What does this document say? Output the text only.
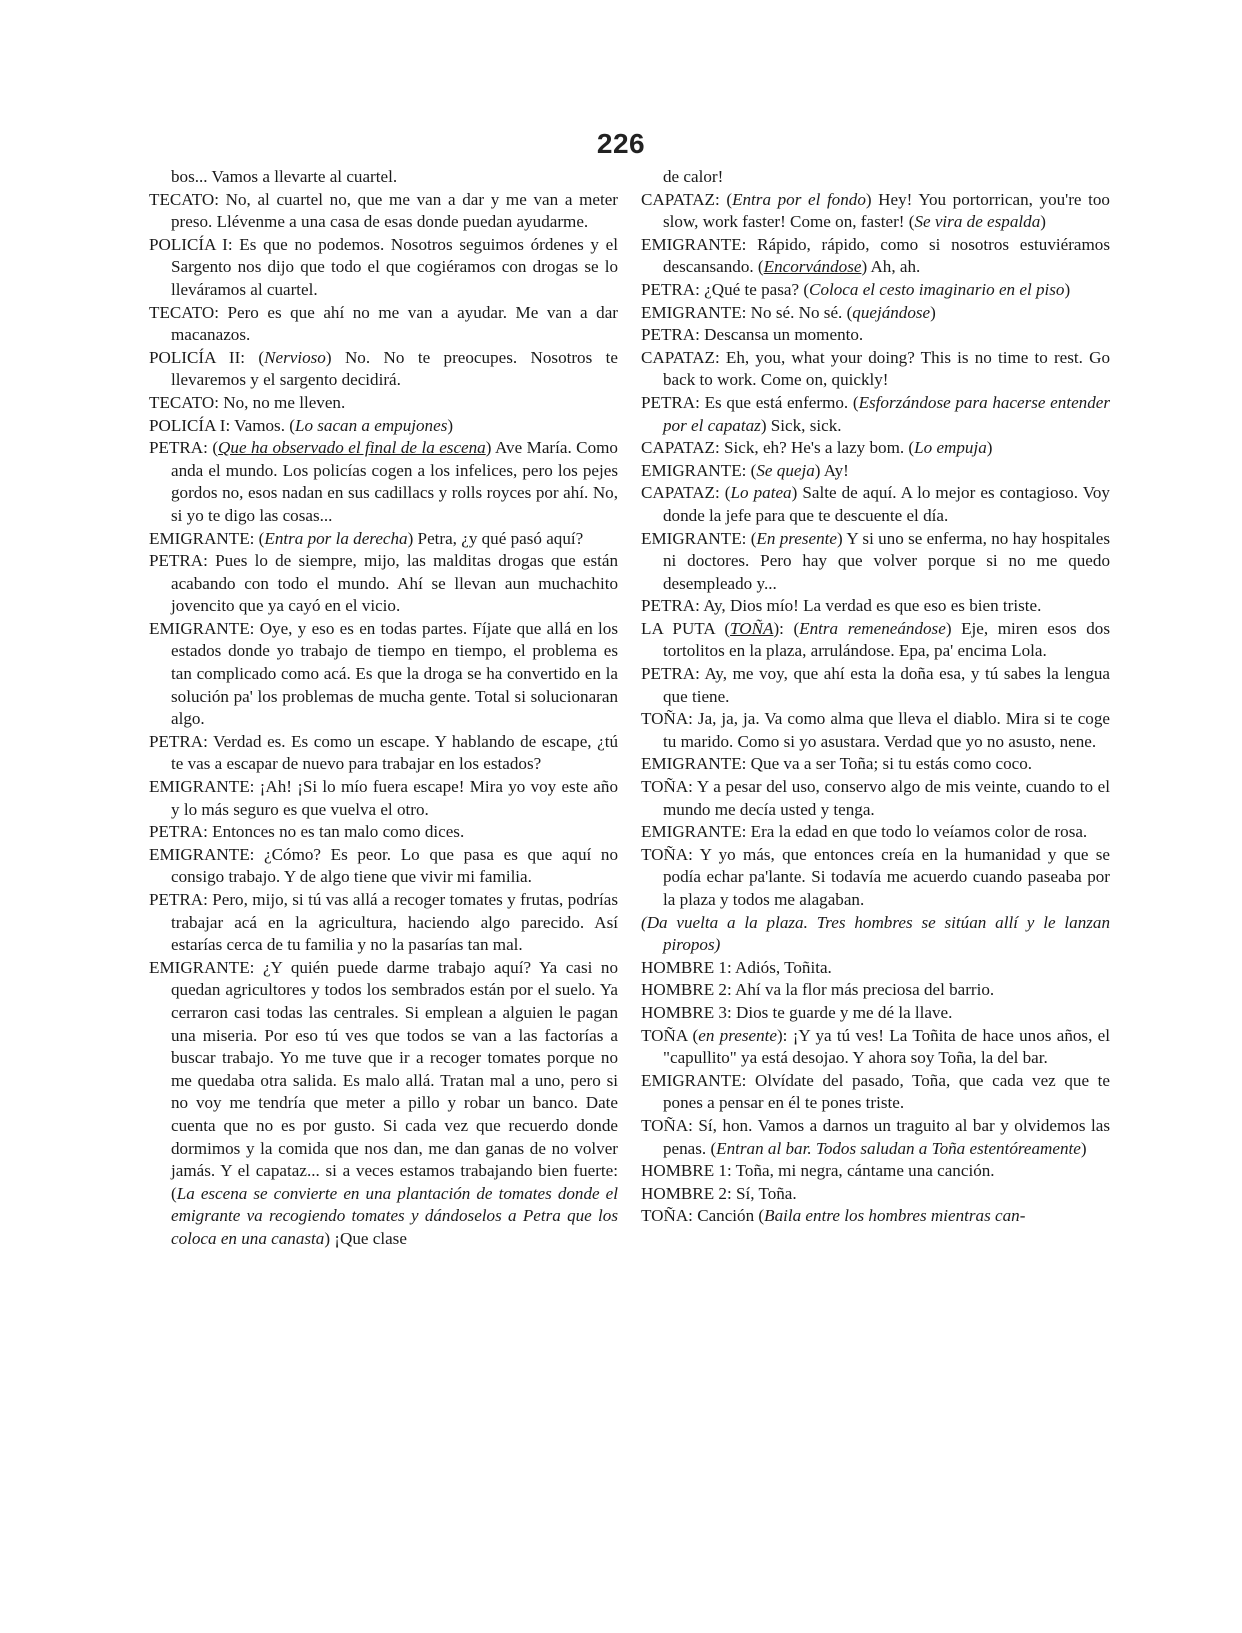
226

bos... Vamos a llevarte al cuartel.

TECATO: No, al cuartel no, que me van a dar y me van a meter preso. Llévenme a una casa de esas donde puedan ayudarme.

POLICÍA I: Es que no podemos. Nosotros seguimos órdenes y el Sargento nos dijo que todo el que cogiéramos con drogas se lo lleváramos al cuartel.

TECATO: Pero es que ahí no me van a ayudar. Me van a dar macanazos.

POLICÍA II: (Nervioso) No. No te preocupes. Nosotros te llevaremos y el sargento decidirá.

TECATO: No, no me lleven.

POLICÍA I: Vamos. (Lo sacan a empujones)

PETRA: (Que ha observado el final de la escena) Ave María. Como anda el mundo. Los policías cogen a los infelices, pero los pejes gordos no, esos nadan en sus cadillacs y rolls royces por ahí. No, si yo te digo las cosas...

EMIGRANTE: (Entra por la derecha) Petra, ¿y qué pasó aquí?

PETRA: Pues lo de siempre, mijo, las malditas drogas que están acabando con todo el mundo. Ahí se llevan aun muchachito jovencito que ya cayó en el vicio.

EMIGRANTE: Oye, y eso es en todas partes. Fíjate que allá en los estados donde yo trabajo de tiempo en tiempo, el problema es tan complicado como acá. Es que la droga se ha convertido en la solución pa' los problemas de mucha gente. Total si solucionaran algo.

PETRA: Verdad es. Es como un escape. Y hablando de escape, ¿tú te vas a escapar de nuevo para trabajar en los estados?

EMIGRANTE: ¡Ah! ¡Si lo mío fuera escape! Mira yo voy este año y lo más seguro es que vuelva el otro.

PETRA: Entonces no es tan malo como dices.

EMIGRANTE: ¿Cómo? Es peor. Lo que pasa es que aquí no consigo trabajo. Y de algo tiene que vivir mi familia.

PETRA: Pero, mijo, si tú vas allá a recoger tomates y frutas, podrías trabajar acá en la agricultura, haciendo algo parecido. Así estarías cerca de tu familia y no la pasarías tan mal.

EMIGRANTE: ¿Y quién puede darme trabajo aquí? Ya casi no quedan agricultores y todos los sembrados están por el suelo. Ya cerraron casi todas las centrales. Si emplean a alguien le pagan una miseria. Por eso tú ves que todos se van a las factorías a buscar trabajo. Yo me tuve que ir a recoger tomates porque no me quedaba otra salida. Es malo allá. Tratan mal a uno, pero si no voy me tendría que meter a pillo y robar un banco. Date cuenta que no es por gusto. Si cada vez que recuerdo donde dormimos y la comida que nos dan, me dan ganas de no volver jamás. Y el capataz... si a veces estamos trabajando bien fuerte: (La escena se convierte en una plantación de tomates donde el emigrante va recogiendo tomates y dándoselos a Petra que los coloca en una canasta) ¡Que clase

de calor!

CAPATAZ: (Entra por el fondo) Hey! You portorrican, you're too slow, work faster! Come on, faster! (Se vira de espalda)

EMIGRANTE: Rápido, rápido, como si nosotros estuviéramos descansando. (Encorvándose) Ah, ah.

PETRA: ¿Qué te pasa? (Coloca el cesto imaginario en el piso)

EMIGRANTE: No sé. No sé. (quejándose)

PETRA: Descansa un momento.

CAPATAZ: Eh, you, what your doing? This is no time to rest. Go back to work. Come on, quickly!

PETRA: Es que está enfermo. (Esforzándose para hacerse entender por el capataz) Sick, sick.

CAPATAZ: Sick, eh? He's a lazy bom. (Lo empuja)

EMIGRANTE: (Se queja) Ay!

CAPATAZ: (Lo patea) Salte de aquí. A lo mejor es contagioso. Voy donde la jefe para que te descuente el día.

EMIGRANTE: (En presente) Y si uno se enferma, no hay hospitales ni doctores. Pero hay que volver porque si no me quedo desempleado y...

PETRA: Ay, Dios mío! La verdad es que eso es bien triste.

LA PUTA (TOÑA): (Entra remeneándose) Eje, miren esos dos tortolitos en la plaza, arrulándose. Epa, pa' encima Lola.

PETRA: Ay, me voy, que ahí esta la doña esa, y tú sabes la lengua que tiene.

TOÑA: Ja, ja, ja. Va como alma que lleva el diablo. Mira si te coge tu marido. Como si yo asustara. Verdad que yo no asusto, nene.

EMIGRANTE: Que va a ser Toña; si tu estás como coco.

TOÑA: Y a pesar del uso, conservo algo de mis veinte, cuando to el mundo me decía usted y tenga.

EMIGRANTE: Era la edad en que todo lo veíamos color de rosa.

TOÑA: Y yo más, que entonces creía en la humanidad y que se podía echar pa'lante. Si todavía me acuerdo cuando paseaba por la plaza y todos me alagaban.

(Da vuelta a la plaza. Tres hombres se sitúan allí y le lanzan piropos)

HOMBRE 1: Adiós, Toñita.

HOMBRE 2: Ahí va la flor más preciosa del barrio.

HOMBRE 3: Dios te guarde y me dé la llave.

TOÑA (en presente): ¡Y ya tú ves! La Toñita de hace unos años, el "capullito" ya está desojao. Y ahora soy Toña, la del bar.

EMIGRANTE: Olvídate del pasado, Toña, que cada vez que te pones a pensar en él te pones triste.

TOÑA: Sí, hon. Vamos a darnos un traguito al bar y olvidemos las penas. (Entran al bar. Todos saludan a Toña estentóreamente)

HOMBRE 1: Toña, mi negra, cántame una canción.

HOMBRE 2: Sí, Toña.

TOÑA: Canción (Baila entre los hombres mientras can-
